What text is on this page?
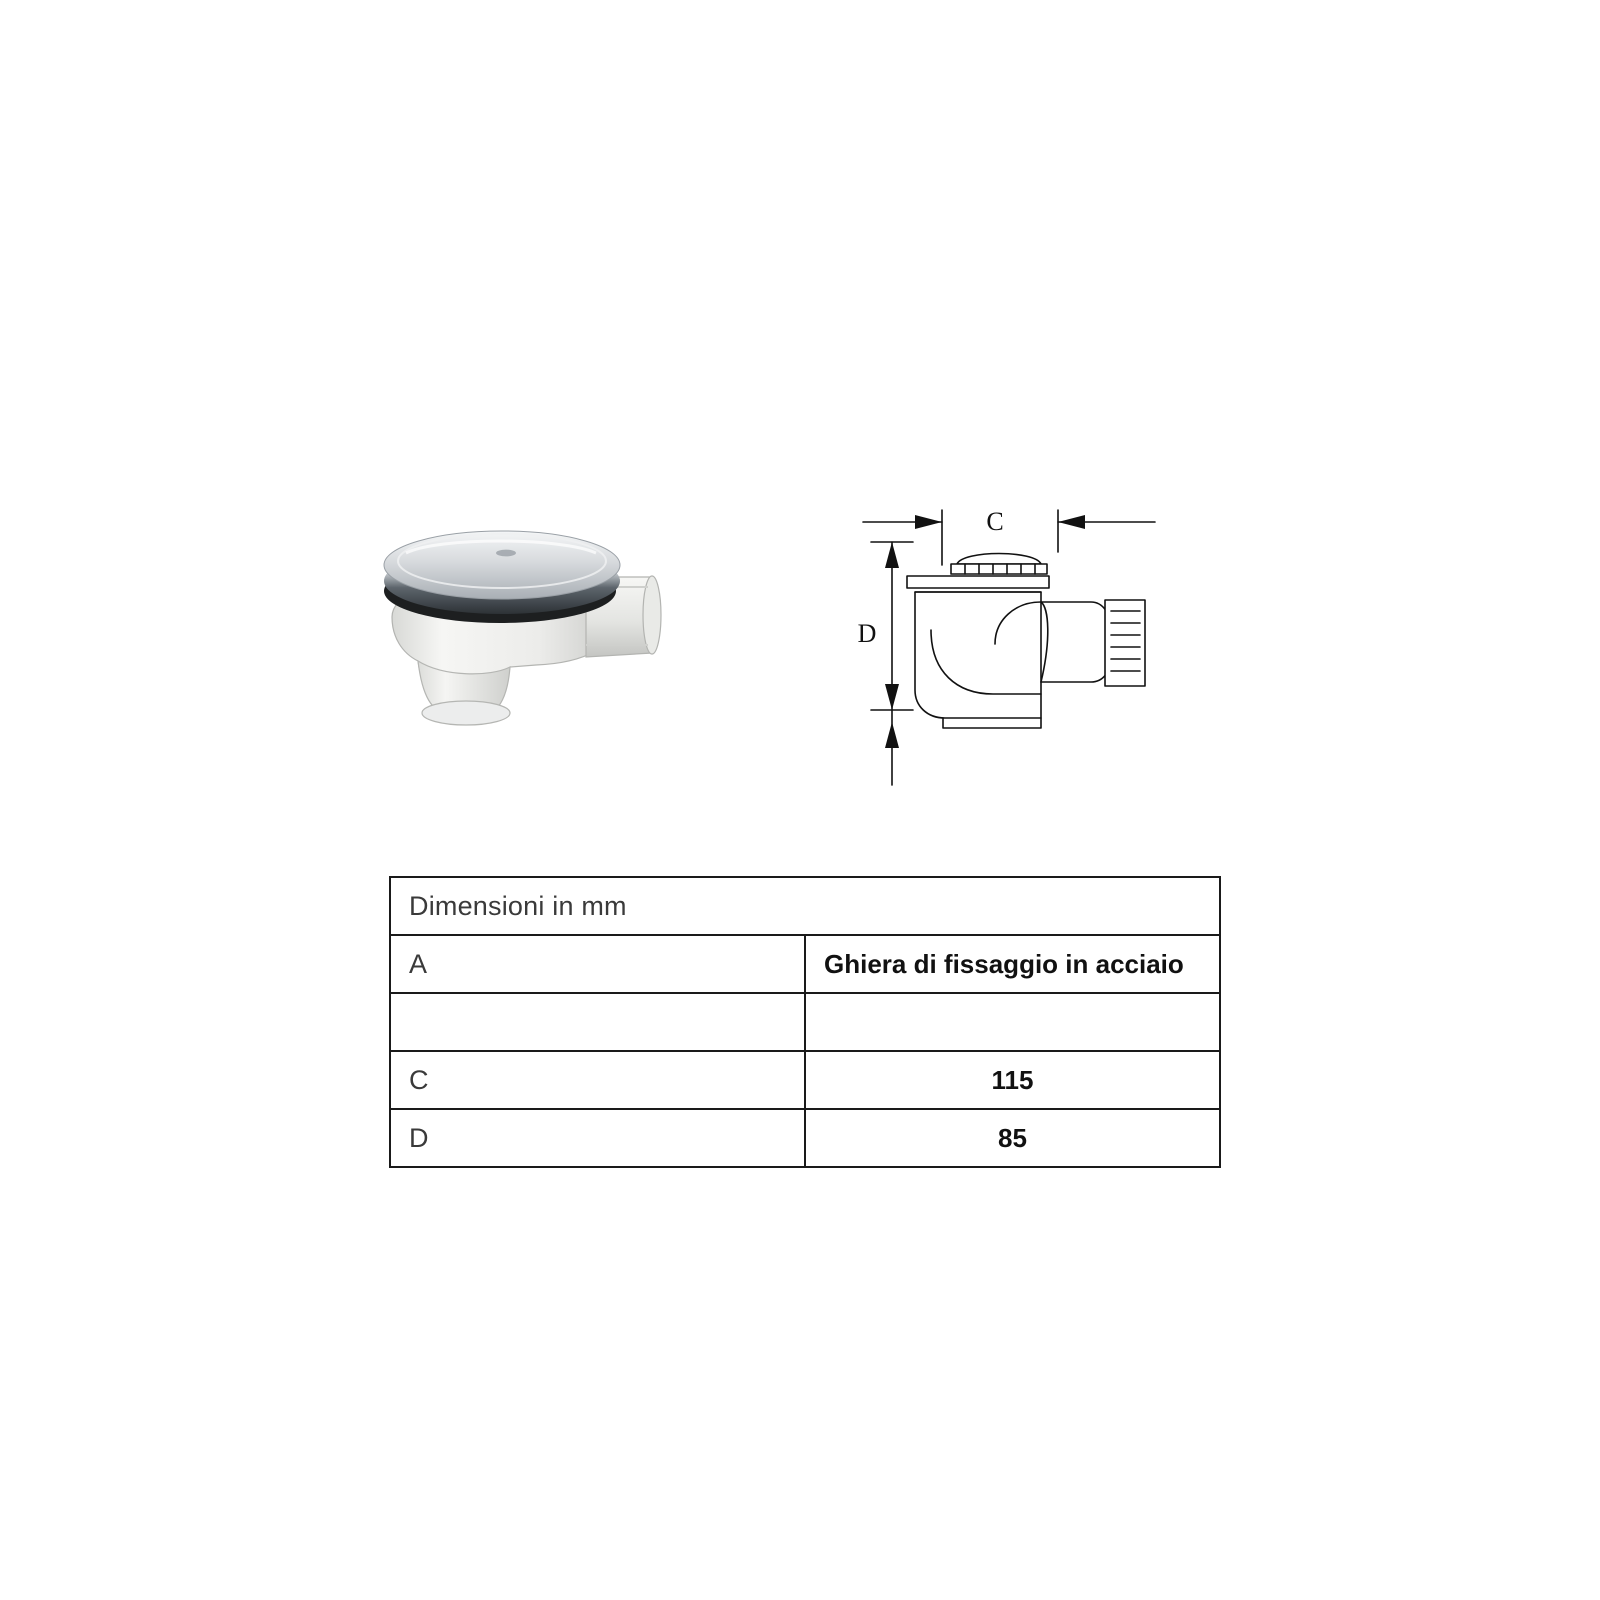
C
D
Dimensioni in mm	
A	Ghiera di fissaggio in acciaio

C	115
D	85
